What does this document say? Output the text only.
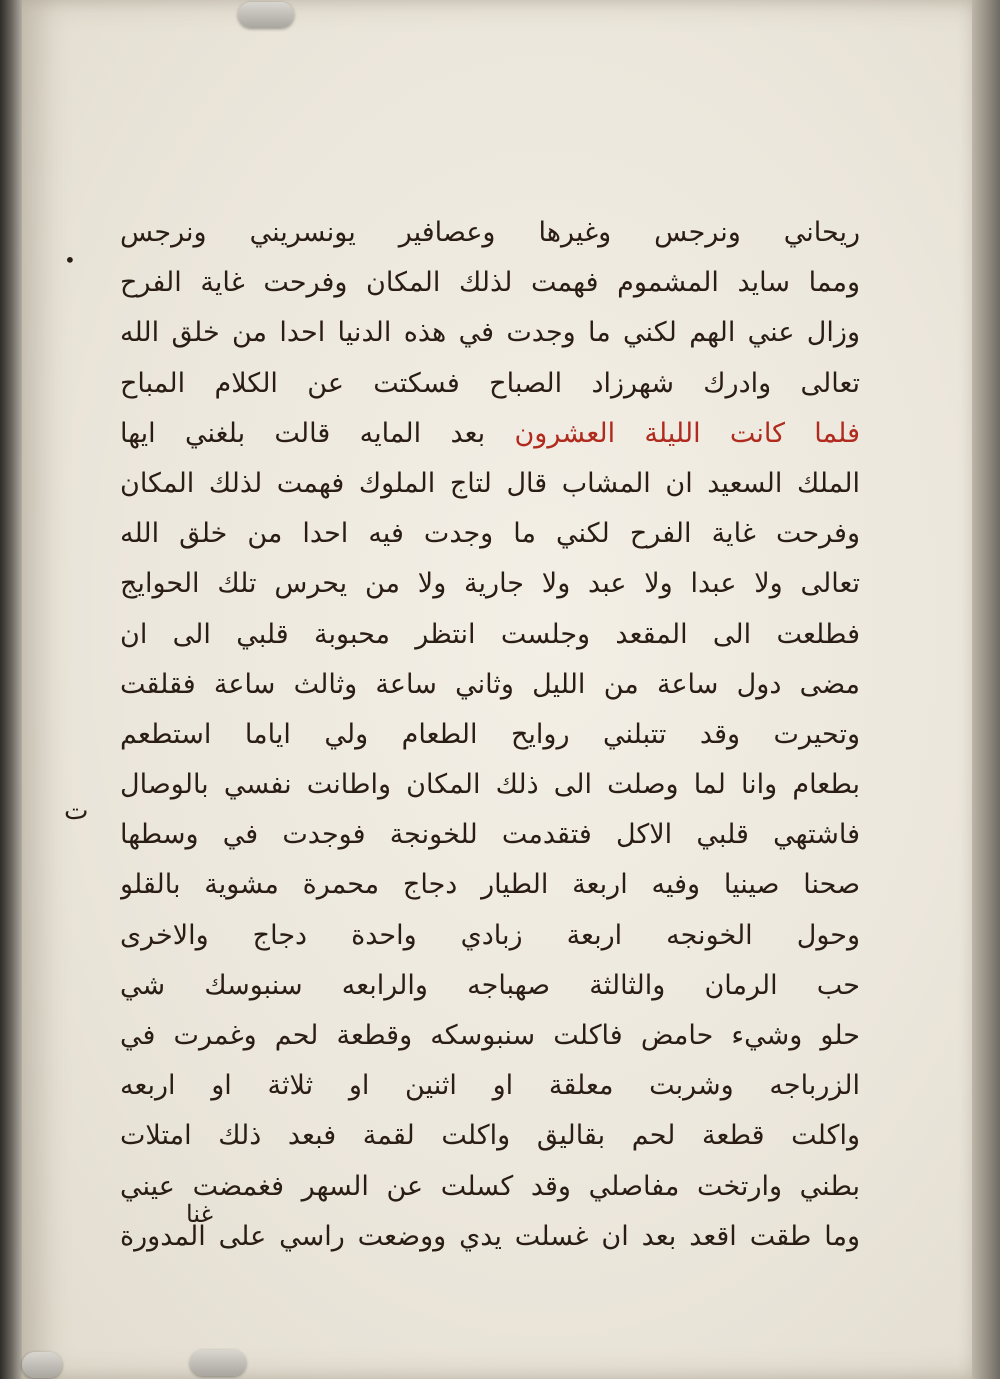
•
ت
ريحاني ونرجس وغيرها وعصافير يونسريني ونرجس
ومما سايد المشموم فهمت لذلك المكان وفرحت غاية الفرح
وزال عني الهم لكني ما وجدت في هذه الدنيا احدا من خلق الله
تعالى وادرك شهرزاد الصباح فسكتت عن الكلام المباح
فلما كانت الليلة العشرون بعد المايه قالت بلغني ايها
الملك السعيد ان المشاب قال لتاج الملوك فهمت لذلك المكان
وفرحت غاية الفرح لكني ما وجدت فيه احدا من خلق الله
تعالى ولا عبدا ولا عبد ولا جارية ولا من يحرس تلك الحوايج
فطلعت الى المقعد وجلست انتظر محبوبة قلبي الى ان
مضى دول ساعة من الليل وثاني ساعة وثالث ساعة فقلقت
وتحيرت وقد تتبلني روايح الطعام ولي اياما استطعم
بطعام وانا لما وصلت الى ذلك المكان واطانت نفسي بالوصال
فاشتهي قلبي الاكل فتقدمت للخونجة فوجدت في وسطها
صحنا صينيا وفيه اربعة الطيار دجاج محمرة مشوية بالقلو
وحول الخونجه اربعة زبادي واحدة دجاج والاخرى
حب الرمان والثالثة صهباجه والرابعه سنبوسك شي
حلو وشيء حامض فاكلت سنبوسكه وقطعة لحم وغمرت في
الزرباجه وشربت معلقة او اثنين او ثلاثة او اربعه
واكلت قطعة لحم بقاليق واكلت لقمة فبعد ذلك امتلات
بطني وارتخت مفاصلي وقد كسلت عن السهر فغمضت عيني
وما طقت اقعد بعد ان غسلت يدي ووضعت راسي على المدورة
غنا
